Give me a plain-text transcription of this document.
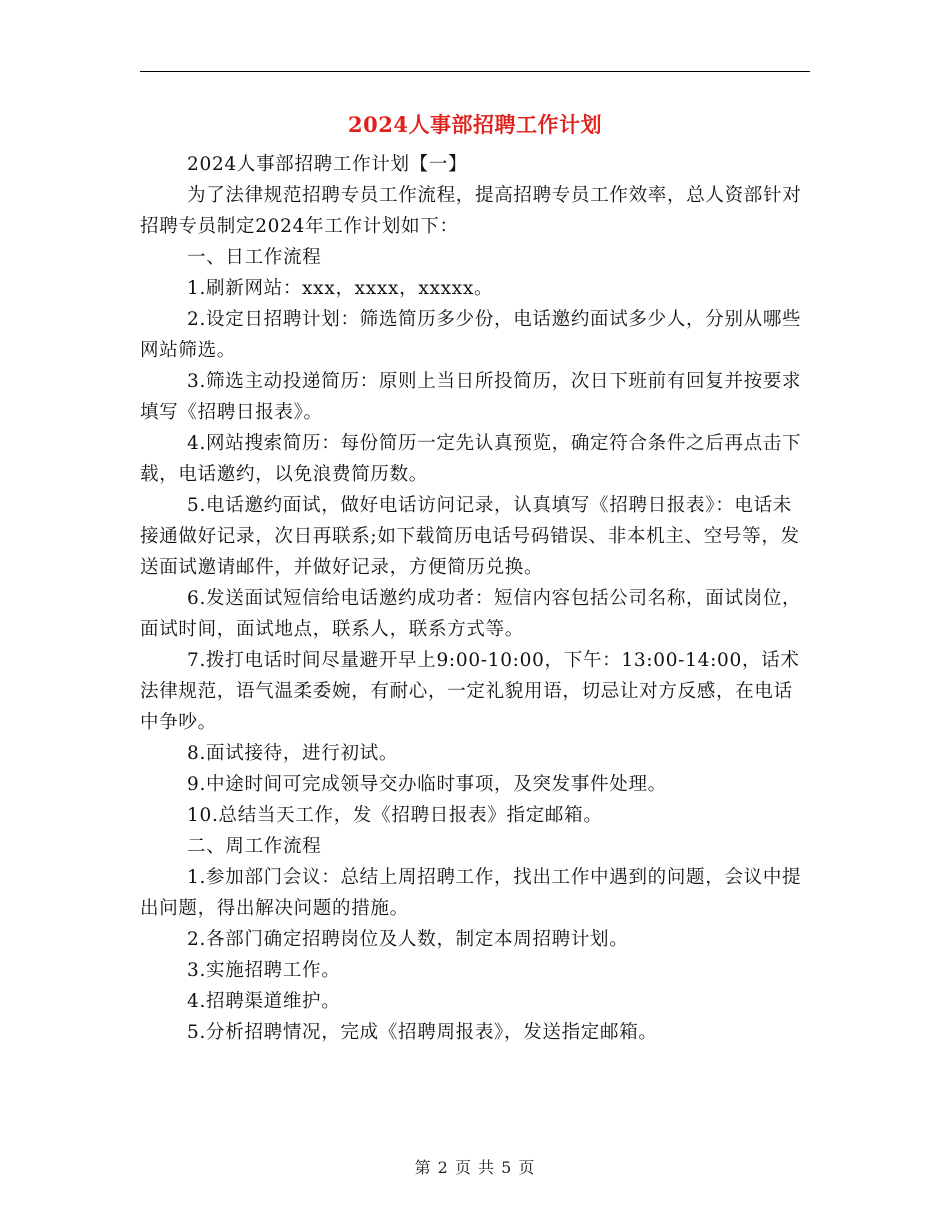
2024人事部招聘工作计划

2024人事部招聘工作计划【一】

为了法律规范招聘专员工作流程，提高招聘专员工作效率，总人资部针对招聘专员制定2024年工作计划如下：

一、日工作流程

1.刷新网站：xxx，xxxx，xxxxx。

2.设定日招聘计划：筛选简历多少份，电话邀约面试多少人，分别从哪些网站筛选。

3.筛选主动投递简历：原则上当日所投简历，次日下班前有回复并按要求填写《招聘日报表》。

4.网站搜索简历：每份简历一定先认真预览，确定符合条件之后再点击下载，电话邀约，以免浪费简历数。

5.电话邀约面试，做好电话访问记录，认真填写《招聘日报表》：电话未接通做好记录，次日再联系;如下载简历电话号码错误、非本机主、空号等，发送面试邀请邮件，并做好记录，方便简历兑换。

6.发送面试短信给电话邀约成功者：短信内容包括公司名称，面试岗位，面试时间，面试地点，联系人，联系方式等。

7.拨打电话时间尽量避开早上9:00-10:00，下午：13:00-14:00，话术法律规范，语气温柔委婉，有耐心，一定礼貌用语，切忌让对方反感，在电话中争吵。

8.面试接待，进行初试。

9.中途时间可完成领导交办临时事项，及突发事件处理。

10.总结当天工作，发《招聘日报表》指定邮箱。

二、周工作流程

1.参加部门会议：总结上周招聘工作，找出工作中遇到的问题，会议中提出问题，得出解决问题的措施。

2.各部门确定招聘岗位及人数，制定本周招聘计划。

3.实施招聘工作。

4.招聘渠道维护。

5.分析招聘情况，完成《招聘周报表》，发送指定邮箱。

第 2 页 共 5 页
